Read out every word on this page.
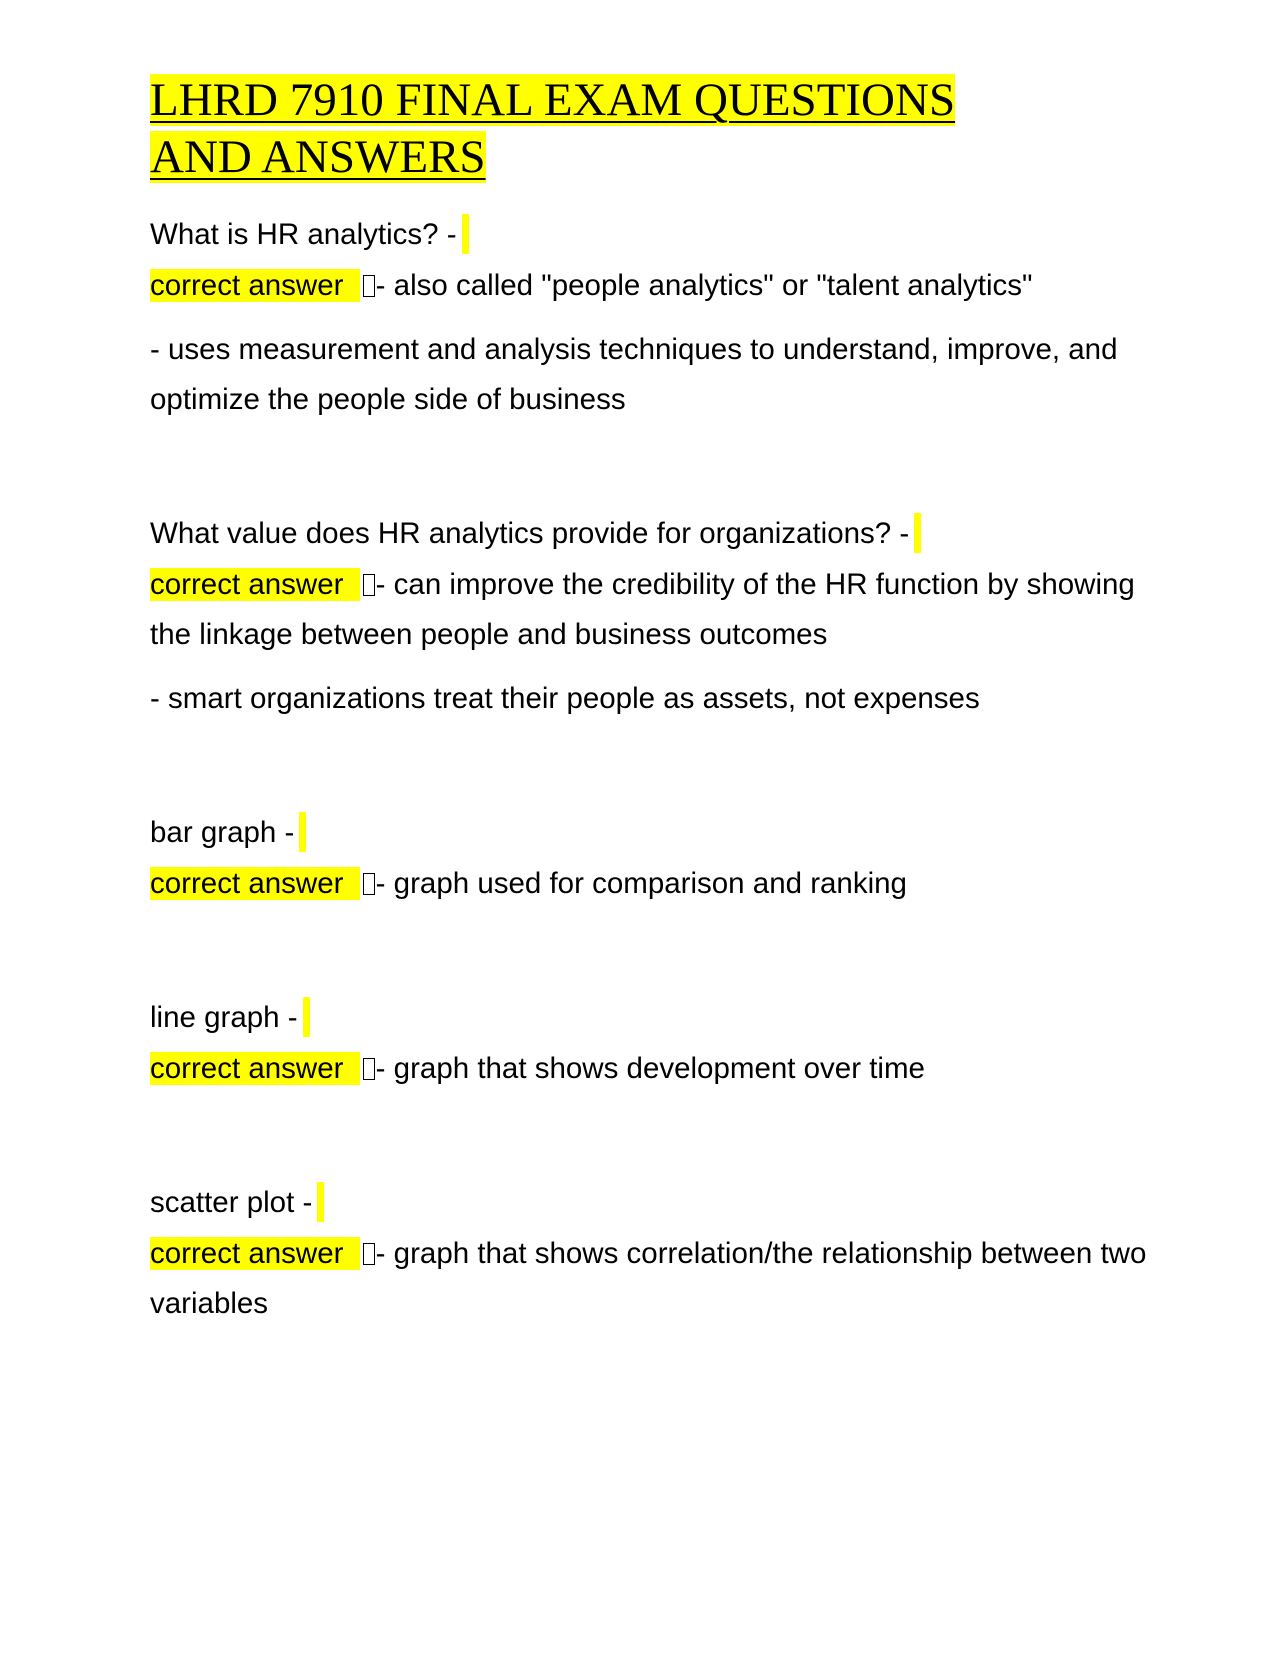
LHRD 7910 FINAL EXAM QUESTIONS
AND ANSWERS

What is HR analytics? -

correct answer - also called "people analytics" or "talent analytics"

- uses measurement and analysis techniques to understand, improve, and optimize the people side of business

What value does HR analytics provide for organizations? -

correct answer - can improve the credibility of the HR function by showing the linkage between people and business outcomes

- smart organizations treat their people as assets, not expenses

bar graph -

correct answer - graph used for comparison and ranking

line graph -

correct answer - graph that shows development over time

scatter plot -

correct answer - graph that shows correlation/the relationship between two variables
